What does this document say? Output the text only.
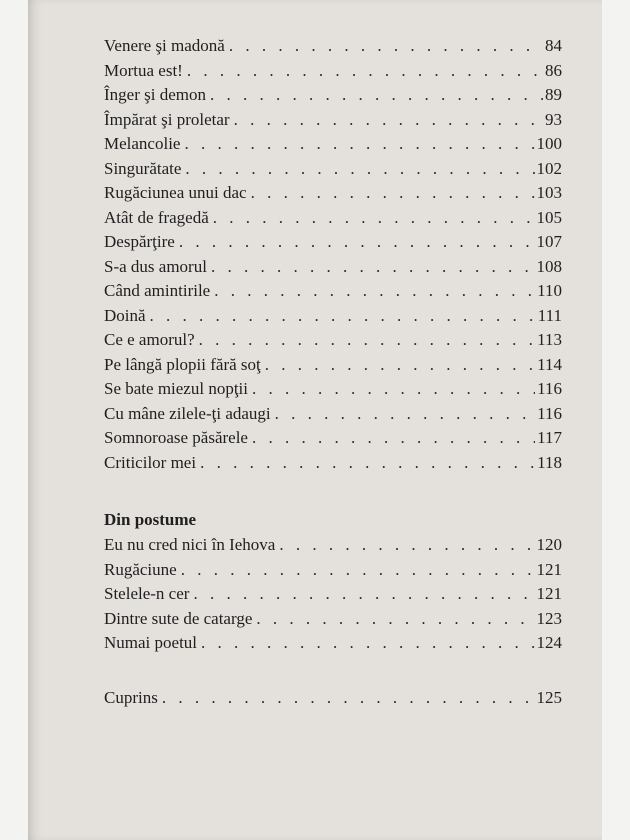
Venere şi madonă . . .	84
Mortua est! . . .	86
Înger şi demon . . .	89
Împărat şi proletar . . .	93
Melancolie . . .	100
Singurătate . . .	102
Rugăciunea unui dac . . .	103
Atât de fragedă . . .	105
Despărţire . . .	107
S-a dus amorul . . .	108
Când amintirile . . .	110
Doină . . .	111
Ce e amorul? . . .	113
Pe lângă plopii fără soţ . . .	114
Se bate miezul nopţii . . .	116
Cu mâne zilele-ţi adaugi . . .	116
Somnoroase păsărele . . .	117
Criticilor mei . . .	118
Din postume
Eu nu cred nici în Iehova . . .	120
Rugăciune . . .	121
Stelele-n cer . . .	121
Dintre sute de catarge . . .	123
Numai poetul . . .	124
Cuprins . . .	125
